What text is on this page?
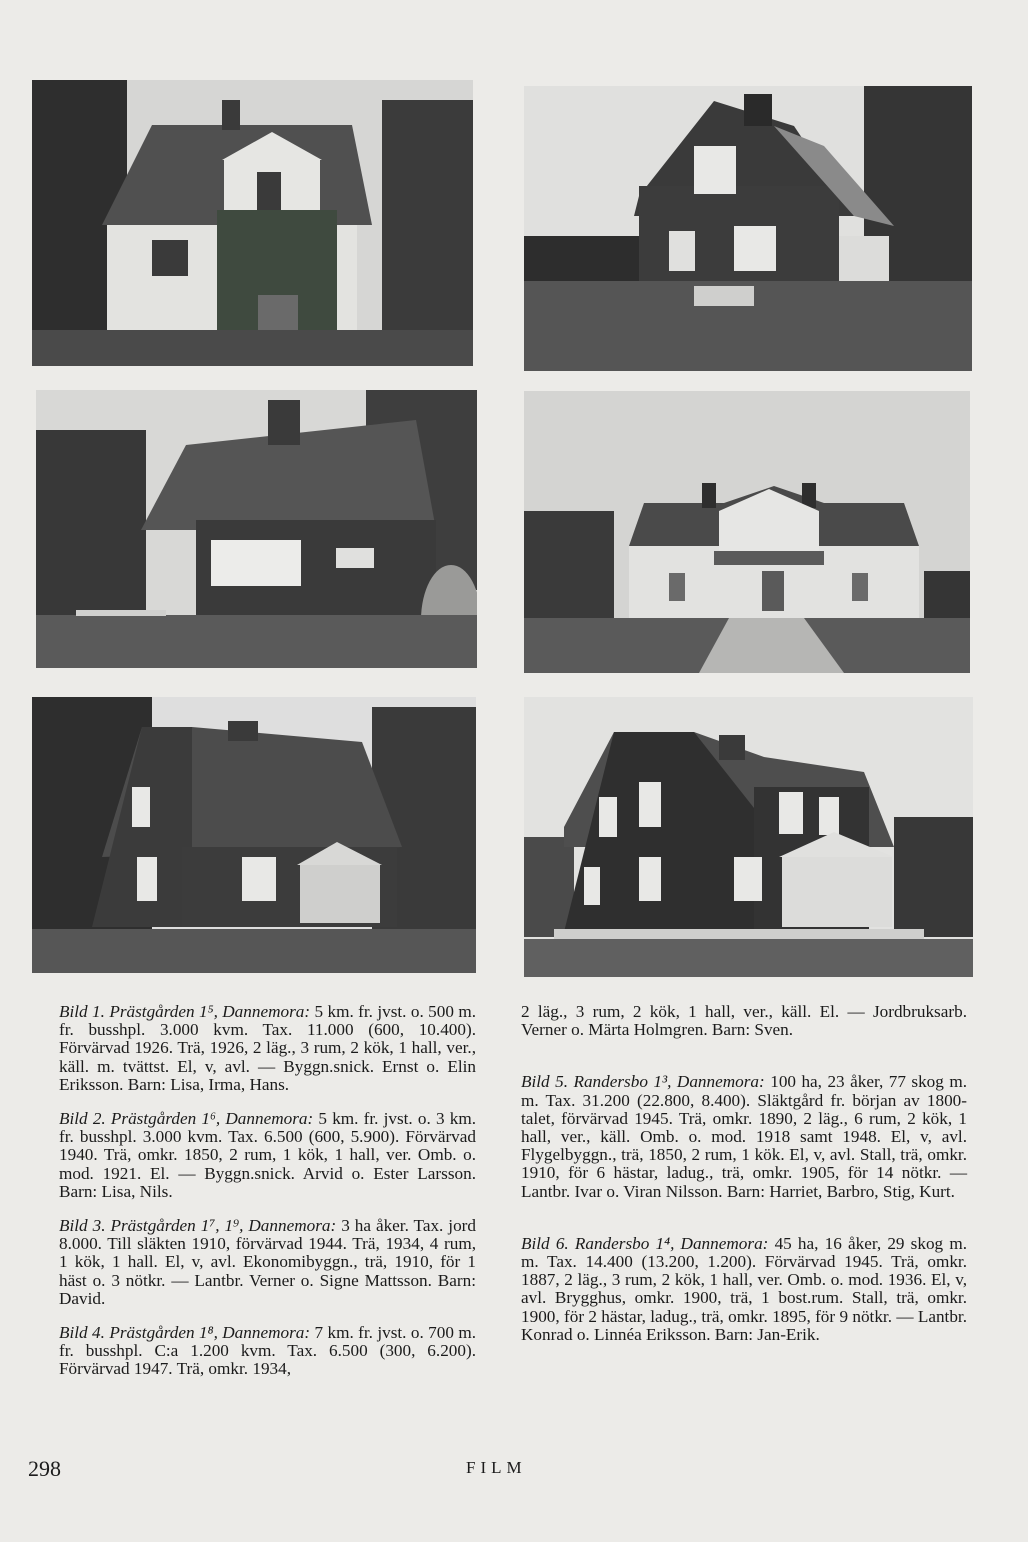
Bild 1. Prästgården 1⁵, Dannemora: 5 km. fr. jvst. o. 500 m. fr. busshpl. 3.000 kvm. Tax. 11.000 (600, 10.400). Förvärvad 1926. Trä, 1926, 2 läg., 3 rum, 2 kök, 1 hall, ver., käll. m. tvättst. El, v, avl. — Byggn.snick. Ernst o. Elin Eriksson. Barn: Lisa, Irma, Hans.

Bild 2. Prästgården 1⁶, Dannemora: 5 km. fr. jvst. o. 3 km. fr. busshpl. 3.000 kvm. Tax. 6.500 (600, 5.900). Förvärvad 1940. Trä, omkr. 1850, 2 rum, 1 kök, 1 hall, ver. Omb. o. mod. 1921. El. — Byggn.snick. Arvid o. Ester Larsson. Barn: Lisa, Nils.

Bild 3. Prästgården 1⁷, 1⁹, Dannemora: 3 ha åker. Tax. jord 8.000. Till släkten 1910, förvärvad 1944. Trä, 1934, 4 rum, 1 kök, 1 hall. El, v, avl. Ekonomibyggn., trä, 1910, för 1 häst o. 3 nötkr. — Lantbr. Verner o. Signe Mattsson. Barn: David.

Bild 4. Prästgården 1⁸, Dannemora: 7 km. fr. jvst. o. 700 m. fr. busshpl. C:a 1.200 kvm. Tax. 6.500 (300, 6.200). Förvärvad 1947. Trä, omkr. 1934,

2 läg., 3 rum, 2 kök, 1 hall, ver., käll. El. — Jordbruksarb. Verner o. Märta Holmgren. Barn: Sven.

Bild 5. Randersbo 1³, Dannemora: 100 ha, 23 åker, 77 skog m. m. Tax. 31.200 (22.800, 8.400). Släktgård fr. början av 1800-talet, förvärvad 1945. Trä, omkr. 1890, 2 läg., 6 rum, 2 kök, 1 hall, ver., käll. Omb. o. mod. 1918 samt 1948. El, v, avl. Flygelbyggn., trä, 1850, 2 rum, 1 kök. El, v, avl. Stall, trä, omkr. 1910, för 6 hästar, ladug., trä, omkr. 1905, för 14 nötkr. — Lantbr. Ivar o. Viran Nilsson. Barn: Harriet, Barbro, Stig, Kurt.

Bild 6. Randersbo 1⁴, Dannemora: 45 ha, 16 åker, 29 skog m. m. Tax. 14.400 (13.200, 1.200). Förvärvad 1945. Trä, omkr. 1887, 2 läg., 3 rum, 2 kök, 1 hall, ver. Omb. o. mod. 1936. El, v, avl. Brygghus, omkr. 1900, trä, 1 bost.rum. Stall, trä, omkr. 1900, för 2 hästar, ladug., trä, omkr. 1895, för 9 nötkr. — Lantbr. Konrad o. Linnéa Eriksson. Barn: Jan-Erik.

298	FILM
